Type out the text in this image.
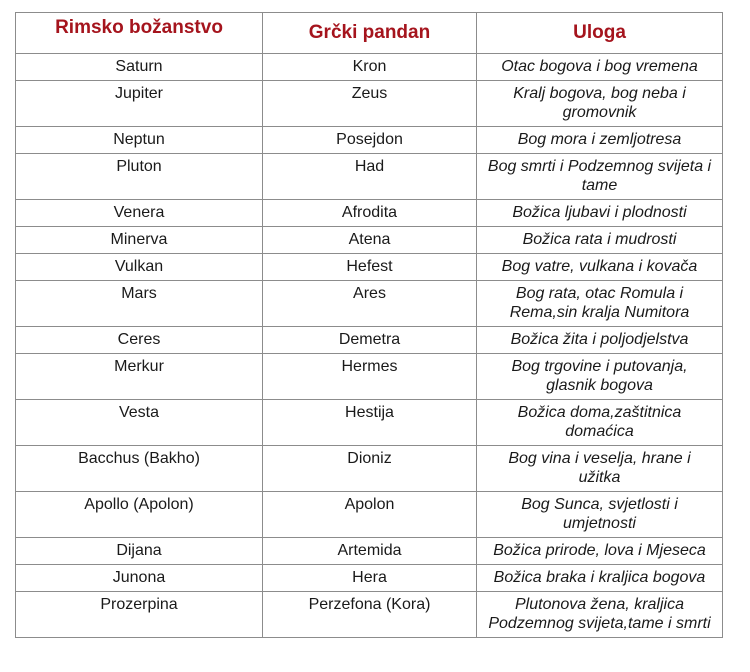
Rimsko božanstvo	Grčki pandan	Uloga
Saturn	Kron	Otac bogova i bog vremena
Jupiter	Zeus	Kralj bogova, bog neba i gromovnik

Neptun	Posejdon	Bog mora i zemljotresa
Pluton	Had	Bog smrti i Podzemnog svijeta i tame
Venera	Afrodita	Božica ljubavi i plodnosti
Minerva	Atena	Božica rata i mudrosti
Vulkan	Hefest	Bog vatre, vulkana i kovača
Mars	Ares	Bog rata, otac Romula i Rema,sin kralja Numitora

Ceres	Demetra	Božica žita i poljodjelstva
Merkur	Hermes	Bog trgovine i putovanja, glasnik bogova

Vesta	Hestija	Božica doma,zaštitnica domaćica

Bacchus (Bakho)	Dioniz	Bog vina i veselja, hrane i užitka

Apollo (Apolon)	Apolon	Bog Sunca, svjetlosti i umjetnosti

Dijana	Artemida	Božica prirode, lova i Mjeseca
Junona	Hera	Božica braka i kraljica bogova
Prozerpina	Perzefona (Kora)	Plutonova žena, kraljica Podzemnog svijeta,tame i smrti
